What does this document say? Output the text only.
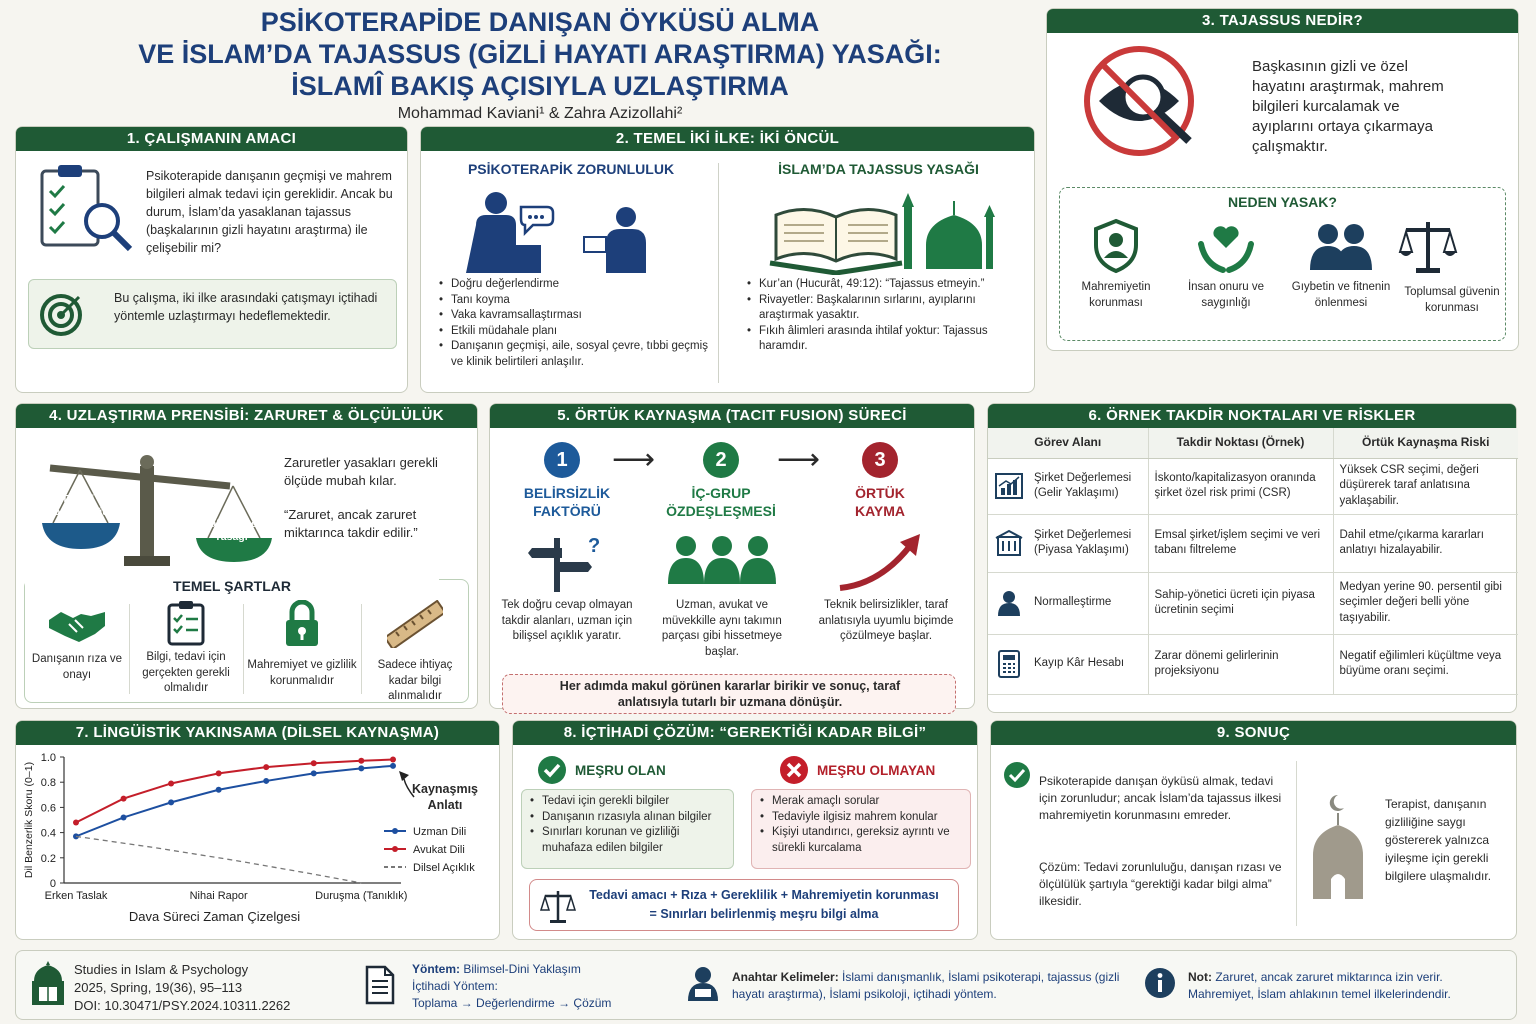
PSİKOTERAPİDE DANIŞAN ÖYKÜSÜ ALMA
VE İSLAM’DA TAJASSUS (GİZLİ HAYATI ARAŞTIRMA) YASAĞI:
İSLAMÎ BAKIŞ AÇISIYLA UZLAŞTIRMA
Mohammad Kaviani¹ & Zahra Azizollahi²
1. ÇALIŞMANIN AMACI
Psikoterapide danışanın geçmişi ve mahrem bilgileri almak tedavi için gereklidir. Ancak bu durum, İslam’da yasaklanan tajassus (başkalarının gizli hayatını araştırma) ile çelişebilir mi?
Bu çalışma, iki ilke arasındaki çatışmayı içtihadi yöntemle uzlaştırmayı hedeflemektedir.
2. TEMEL İKİ İLKE: İKİ ÖNCÜL
PSİKOTERAPİK ZORUNLULUK
• Doğru değerlendirme
• Tanı koyma
• Vaka kavramsallaştırması
• Etkili müdahale planı
• Danışanın geçmişi, aile, sosyal çevre, tıbbi geçmiş ve klinik belirtileri anlaşılır.
İSLAM’DA TAJASSUS YASAĞI
• Kur’an (Hucurât, 49:12): “Tajassus etmeyin.”
• Rivayetler: Başkalarının sırlarını, ayıplarını araştırmak yasaktır.
• Fıkıh âlimleri arasında ihtilaf yoktur: Tajassus haramdır.
3. TAJASSUS NEDİR?
Başkasının gizli ve özel hayatını araştırmak, mahrem bilgileri kurcalamak ve ayıplarını ortaya çıkarmaya çalışmaktır.
NEDEN YASAK?
Mahremiyetin korunması
İnsan onuru ve saygınlığı
Gıybetin ve fitnenin önlenmesi
Toplumsal güvenin korunması
4. UZLAŞTIRMA PRENSİBİ: ZARURET & ÖLÇÜLÜLÜK
Tedavi Zorunluluğu
Mahremiyet Yasağı
Zaruretler yasakları gerekli ölçüde mubah kılar.
“Zaruret, ancak zaruret miktarınca takdir edilir.”
TEMEL ŞARTLAR
Danışanın rıza ve onayı
Bilgi, tedavi için gerçekten gerekli olmalıdır
Mahremiyet ve gizlilik korunmalıdır
Sadece ihtiyaç kadar bilgi alınmalıdır
5. ÖRTÜK KAYNAŞMA (TACIT FUSION) SÜRECİ
1
BELİRSİZLİK FAKTÖRÜ
?
Tek doğru cevap olmayan takdir alanları, uzman için bilişsel açıklık yaratır.
⟶	2
İÇ-GRUP ÖZDEŞLEŞMESİ
Uzman, avukat ve müvekkille aynı takımın parçası gibi hissetmeye başlar.
⟶	3
ÖRTÜK KAYMA
Teknik belirsizlikler, taraf anlatısıyla uyumlu biçimde çözülmeye başlar.
Her adımda makul görünen kararlar birikir ve sonuç, taraf anlatısıyla tutarlı bir uzmana dönüşür.
6. ÖRNEK TAKDİR NOKTALARI VE RİSKLER
Görev Alanı	Takdir Noktası (Örnek)	Örtük Kaynaşma Riski

Şirket Değerlemesi (Gelir Yaklaşımı)	İskonto/kapitalizasyon oranında şirket özel risk primi (CSR)	Yüksek CSR seçimi, değeri düşürerek taraf anlatısına yaklaşabilir.

Şirket Değerlemesi (Piyasa Yaklaşımı)	Emsal şirket/işlem seçimi ve veri tabanı filtreleme	Dahil etme/çıkarma kararları anlatıyı hizalayabilir.

Normalleştirme	Sahip-yönetici ücreti için piyasa ücretinin seçimi	Medyan yerine 90. persentil gibi seçimler değeri belli yöne taşıyabilir.

Kayıp Kâr Hesabı	Zarar dönemi gelirlerinin projeksiyonu	Negatif eğilimleri küçültme veya büyüme oranı seçimi.
7. LİNGÜİSTİK YAKINSAMA (DİLSEL KAYNAŞMA)
0
0.2
0.4
0.6
0.8
1.0
Dil Benzerlik Skoru (0–1)
Erken Taslak	Nihai Rapor	Duruşma (Tanıklık)
Dava Süreci Zaman Çizelgesi
Uzman Dili
Avukat Dili
Dilsel Açıklık
Kaynaşmış Anlatı
8. İÇTİHADİ ÇÖZÜM: “GEREKTİĞİ KADAR BİLGİ”
MEŞRU OLAN
• Tedavi için gerekli bilgiler
• Danışanın rızasıyla alınan bilgiler
• Sınırları korunan ve gizliliği muhafaza edilen bilgiler
MEŞRU OLMAYAN
• Merak amaçlı sorular
• Tedaviyle ilgisiz mahrem konular
• Kişiyi utandırıcı, gereksiz ayrıntı ve sürekli kurcalama
Tedavi amacı + Rıza + Gereklilik + Mahremiyetin korunması
= Sınırları belirlenmiş meşru bilgi alma
9. SONUÇ
Psikoterapide danışan öyküsü almak, tedavi için zorunludur; ancak İslam’da tajassus ilkesi mahremiyetin korunmasını emreder.
Çözüm: Tedavi zorunluluğu, danışan rızası ve ölçülülük şartıyla “gerektiği kadar bilgi alma” ilkesidir.
Terapist, danışanın gizliliğine saygı göstererek yalnızca iyileşme için gerekli bilgilere ulaşmalıdır.
Studies in Islam & Psychology
2025, Spring, 19(36), 95–113
DOI: 10.30471/PSY.2024.10311.2262
Yöntem: Bilimsel-Dini Yaklaşım
İçtihadi Yöntem:
Toplama → Değerlendirme → Çözüm
Anahtar Kelimeler: İslami danışmanlık, İslami psikoterapi, tajassus (gizli hayatı araştırma), İslami psikoloji, içtihadi yöntem.
Not: Zaruret, ancak zaruret miktarınca izin verir. Mahremiyet, İslam ahlakının temel ilkelerindendir.
